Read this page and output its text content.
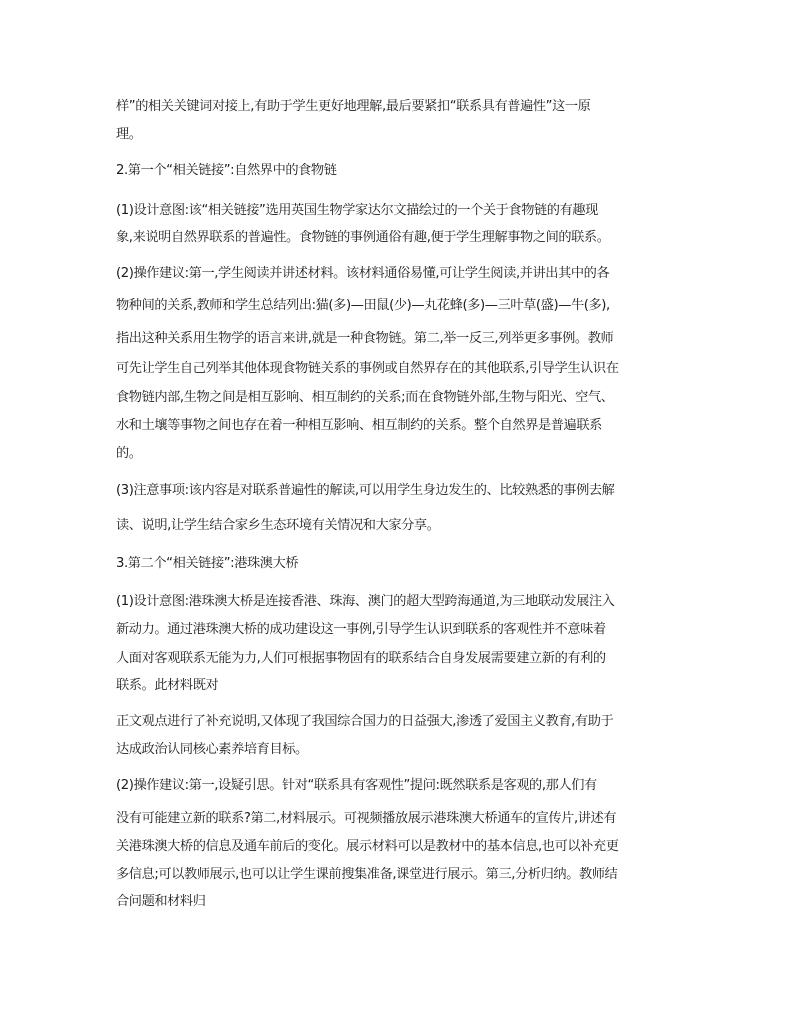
样”的相关关键词对接上,有助于学生更好地理解,最后要紧扣“联系具有普遍性”这一原
理。
2.第一个“相关链接”:自然界中的食物链
(1)设计意图:该“相关链接”选用英国生物学家达尔文描绘过的一个关于食物链的有趣现
象,来说明自然界联系的普遍性。食物链的事例通俗有趣,便于学生理解事物之间的联系。
(2)操作建议:第一,学生阅读并讲述材料。该材料通俗易懂,可让学生阅读,并讲出其中的各
物种间的关系,教师和学生总结列出:猫(多)—田鼠(少)—丸花蜂(多)—三叶草(盛)—牛(多),
指出这种关系用生物学的语言来讲,就是一种食物链。第二,举一反三,列举更多事例。教师
可先让学生自己列举其他体现食物链关系的事例或自然界存在的其他联系,引导学生认识在
食物链内部,生物之间是相互影响、相互制约的关系;而在食物链外部,生物与阳光、空气、
水和土壤等事物之间也存在着一种相互影响、相互制约的关系。整个自然界是普遍联系
的。
(3)注意事项:该内容是对联系普遍性的解读,可以用学生身边发生的、比较熟悉的事例去解
读、说明,让学生结合家乡生态环境有关情况和大家分享。
3.第二个“相关链接”:港珠澳大桥
(1)设计意图:港珠澳大桥是连接香港、珠海、澳门的超大型跨海通道,为三地联动发展注入
新动力。通过港珠澳大桥的成功建设这一事例,引导学生认识到联系的客观性并不意味着
人面对客观联系无能为力,人们可根据事物固有的联系结合自身发展需要建立新的有利的
联系。此材料既对
正文观点进行了补充说明,又体现了我国综合国力的日益强大,渗透了爱国主义教育,有助于
达成政治认同核心素养培育目标。
(2)操作建议:第一,设疑引思。针对“联系具有客观性”提问:既然联系是客观的,那人们有
没有可能建立新的联系?第二,材料展示。可视频播放展示港珠澳大桥通车的宣传片,讲述有
关港珠澳大桥的信息及通车前后的变化。展示材料可以是教材中的基本信息,也可以补充更
多信息;可以教师展示,也可以让学生课前搜集准备,课堂进行展示。第三,分析归纳。教师结
合问题和材料归
